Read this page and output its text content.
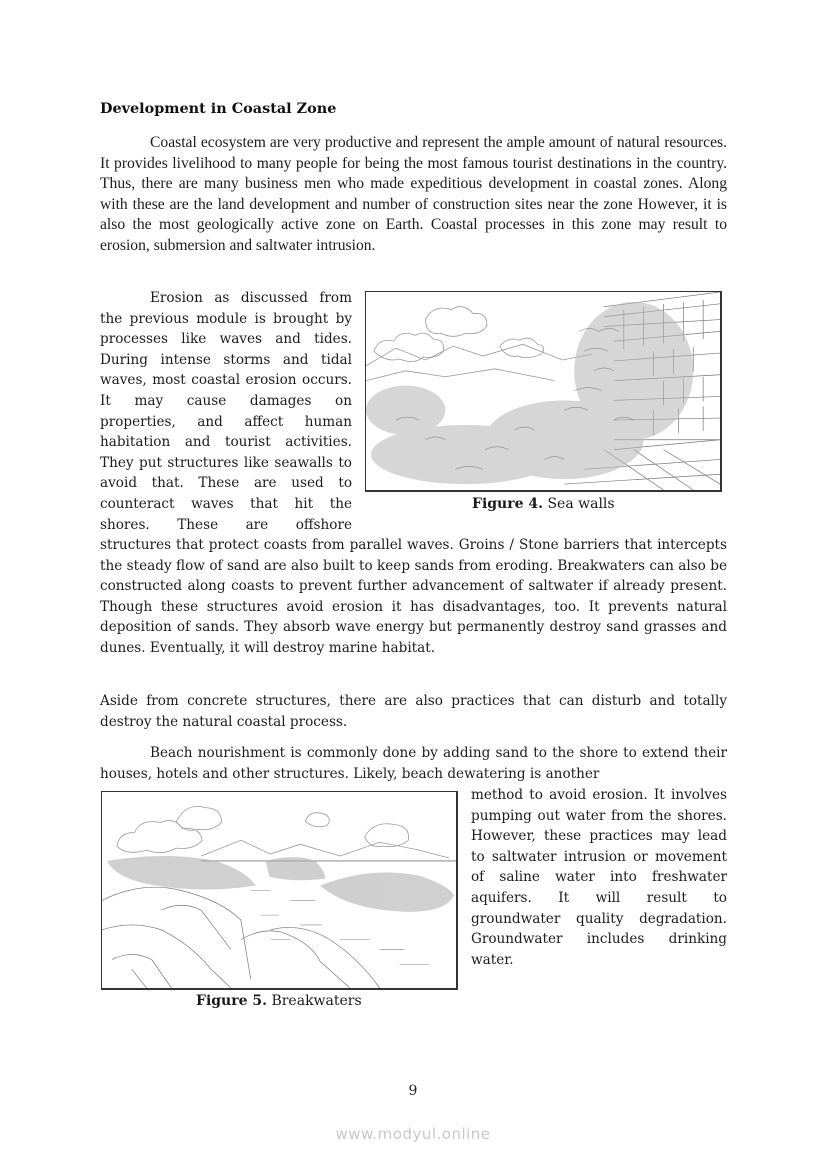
Development in Coastal Zone

Coastal ecosystem are very productive and represent the ample amount of natural resources. It provides livelihood to many people for being the most famous tourist destinations in the country. Thus, there are many business men who made expeditious development in coastal zones. Along with these are the land development and number of construction sites near the zone However, it is also the most geologically active zone on Earth. Coastal processes in this zone may result to erosion, submersion and saltwater intrusion.

Erosion as discussed from the previous module is brought by processes like waves and tides. During intense storms and tidal waves, most coastal erosion occurs. It may cause damages on properties, and affect human habitation and tourist activities. They put structures like seawalls to avoid that. These are used to counteract waves that hit the shores. These are offshore

Figure 4. Sea walls

structures that protect coasts from parallel waves. Groins / Stone barriers that intercepts the steady flow of sand are also built to keep sands from eroding. Breakwaters can also be constructed along coasts to prevent further advancement of saltwater if already present. Though these structures avoid erosion it has disadvantages, too. It prevents natural deposition of sands. They absorb wave energy but permanently destroy sand grasses and dunes. Eventually, it will destroy marine habitat.

Aside from concrete structures, there are also practices that can disturb and totally destroy the natural coastal process.

Beach nourishment is commonly done by adding sand to the shore to extend their houses, hotels and other structures. Likely, beach dewatering is another

Figure 5. Breakwaters

method to avoid erosion. It involves pumping out water from the shores. However, these practices may lead to saltwater intrusion or movement of saline water into freshwater aquifers. It will result to groundwater quality degradation. Groundwater includes drinking water.

9
www.modyul.online
